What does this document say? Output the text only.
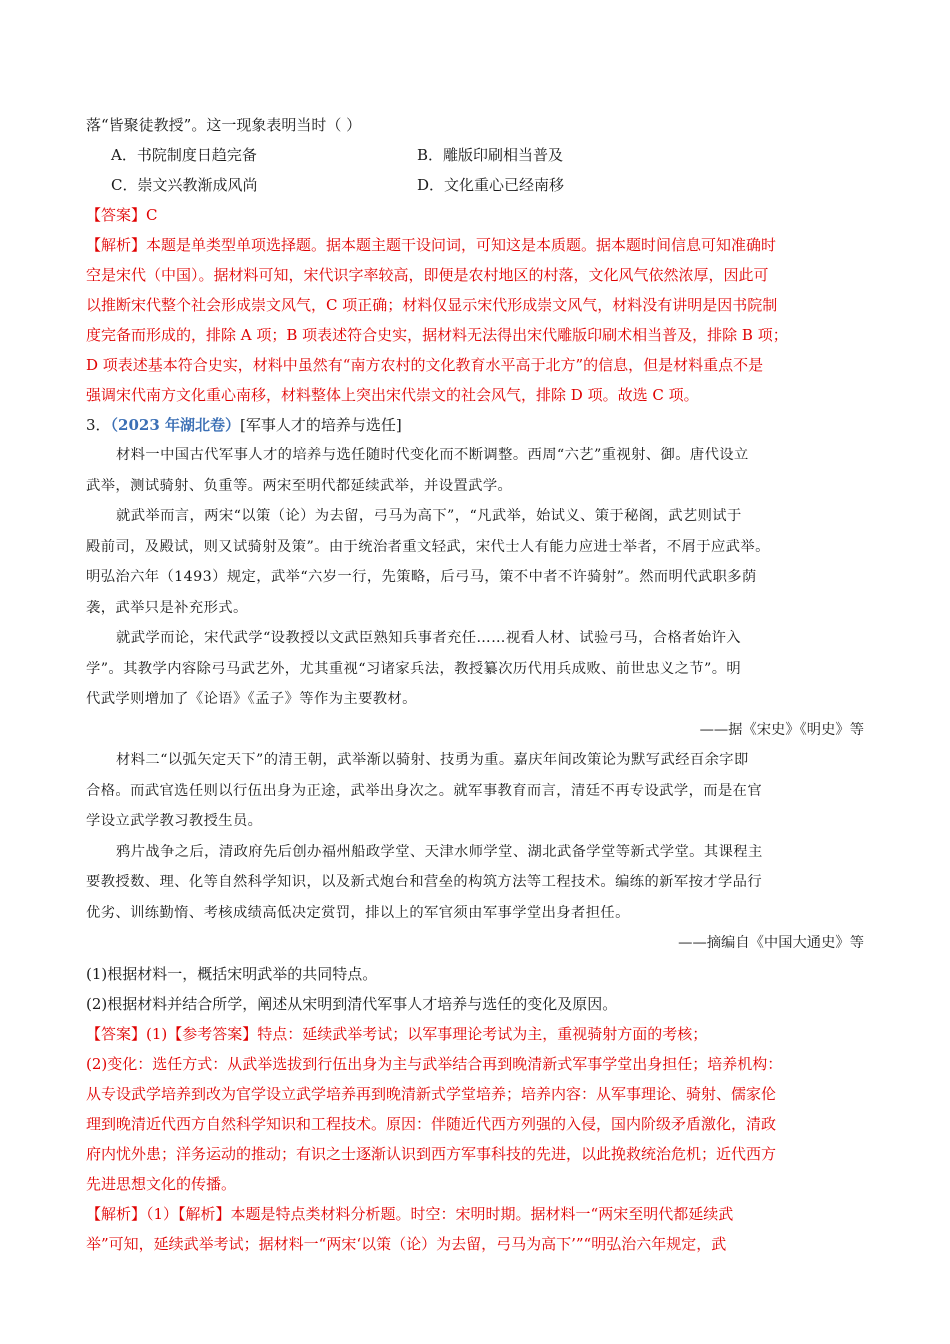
落“皆聚徒教授”。这一现象表明当时（ ）
A．书院制度日趋完备	B．雕版印刷相当普及
C．崇文兴教渐成风尚	D．文化重心已经南移
【答案】C
【解析】本题是单类型单项选择题。据本题主题干设问词，可知这是本质题。据本题时间信息可知准确时
空是宋代（中国）。据材料可知，宋代识字率较高，即便是农村地区的村落，文化风气依然浓厚，因此可
以推断宋代整个社会形成崇文风气，C 项正确；材料仅显示宋代形成崇文风气，材料没有讲明是因书院制
度完备而形成的，排除 A 项；B 项表述符合史实，据材料无法得出宋代雕版印刷术相当普及，排除 B 项；
D 项表述基本符合史实，材料中虽然有“南方农村的文化教育水平高于北方”的信息，但是材料重点不是
强调宋代南方文化重心南移，材料整体上突出宋代崇文的社会风气，排除 D 项。故选 C 项。
3．（2023 年湖北卷）[军事人才的培养与选任]
材料一中国古代军事人才的培养与选任随时代变化而不断调整。西周“六艺”重视射、御。唐代设立
武举，测试骑射、负重等。两宋至明代都延续武举，并设置武学。
就武举而言，两宋“以策（论）为去留，弓马为高下”，“凡武举，始试义、策于秘阁，武艺则试于
殿前司，及殿试，则又试骑射及策”。由于统治者重文轻武，宋代士人有能力应进士举者，不屑于应武举。
明弘治六年（1493）规定，武举“六岁一行，先策略，后弓马，策不中者不许骑射”。然而明代武职多荫
袭，武举只是补充形式。
就武学而论，宋代武学“设教授以文武臣熟知兵事者充任……视看人材、试验弓马，合格者始许入
学”。其教学内容除弓马武艺外，尤其重视“习诸家兵法，教授纂次历代用兵成败、前世忠义之节”。明
代武学则增加了《论语》《孟子》等作为主要教材。
——据《宋史》《明史》等
材料二“以弧矢定天下”的清王朝，武举渐以骑射、技勇为重。嘉庆年间改策论为默写武经百余字即
合格。而武官选任则以行伍出身为正途，武举出身次之。就军事教育而言，清廷不再专设武学，而是在官
学设立武学教习教授生员。
鸦片战争之后，清政府先后创办福州船政学堂、天津水师学堂、湖北武备学堂等新式学堂。其课程主
要教授数、理、化等自然科学知识，以及新式炮台和营垒的构筑方法等工程技术。编练的新军按才学品行
优劣、训练勤惰、考核成绩高低决定赏罚，排以上的军官须由军事学堂出身者担任。
——摘编自《中国大通史》等
(1)根据材料一，概括宋明武举的共同特点。
(2)根据材料并结合所学，阐述从宋明到清代军事人才培养与选任的变化及原因。
【答案】(1)【参考答案】特点：延续武举考试；以军事理论考试为主，重视骑射方面的考核；
(2)变化：选任方式：从武举选拔到行伍出身为主与武举结合再到晚清新式军事学堂出身担任；培养机构：
从专设武学培养到改为官学设立武学培养再到晚清新式学堂培养；培养内容：从军事理论、骑射、儒家伦
理到晚清近代西方自然科学知识和工程技术。原因：伴随近代西方列强的入侵，国内阶级矛盾激化，清政
府内忧外患；洋务运动的推动；有识之士逐渐认识到西方军事科技的先进，以此挽救统治危机；近代西方
先进思想文化的传播。
【解析】（1）【解析】本题是特点类材料分析题。时空：宋明时期。据材料一“两宋至明代都延续武
举”可知，延续武举考试；据材料一“两宋‘以策（论）为去留，弓马为高下’”“明弘治六年规定，武
